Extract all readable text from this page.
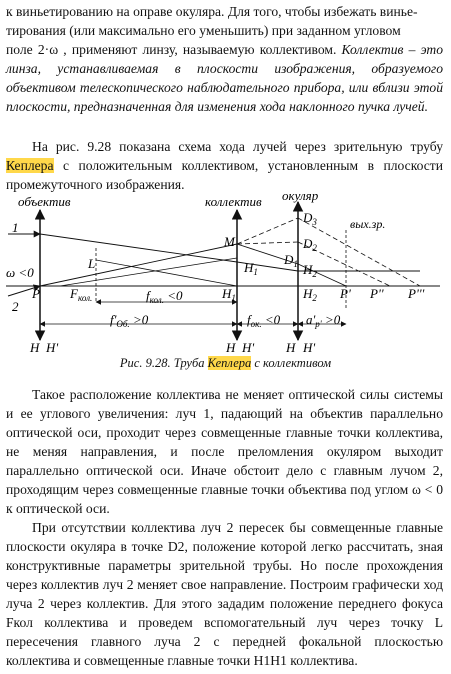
к виньетированию на оправе окуляра. Для того, чтобы избежать винье-
тирования (или максимально его уменьшить) при заданном угловом
поле 2·ω , применяют линзу, называемую коллективом. Коллектив – это линза, устанавливаемая в плоскости изображения, образуемого объективом телескопического наблюдательного прибора, или вблизи этой плоскости, предназначенная для изменения хода наклонного пучка лучей.

На рис. 9.28 показана схема хода лучей через зрительную трубу Кеплера с положительным коллективом, установленным в плоскости промежуточного изображения.

объектив	коллектив окуляр
вых.зр.
1
2
ω <0
L
M
P $F_{кол.}$	$f_{кол.} <0$
$H_1$
$H_1$
$f'_{Об.} >0$	$f_{ок.} <0$
$D_3$
$D_2$
$D_1$ $H_2$
$H_2$ P' P'' P'''
$a'_{p'} >0$
H H'	H H' H H'
Рис. 9.28. Труба Кеплера с коллективом

Такое расположение коллектива не меняет оптической силы системы и ее углового увеличения: луч 1, падающий на объектив параллельно оптической оси, проходит через совмещенные главные точки коллектива, не меняя направления, и после преломления окуляром выходит параллельно оптической оси. Иначе обстоит дело с главным лучом 2, проходящим через совмещенные главные точки объектива под углом ω < 0 к оптической оси.

При отсутствии коллектива луч 2 пересек бы совмещенные главные плоскости окуляра в точке D2, положение которой легко рассчитать, зная конструктивные параметры зрительной трубы. Но после прохождения через коллектив луч 2 меняет свое направление. Построим графически ход луча 2 через коллектив. Для этого зададим положение переднего фокуса Fкол коллектива и проведем вспомогательный луч через точку L пересечения главного луча 2 с передней фокальной плоскостью коллектива и совмещенные главные точки H1H1 коллектива.
